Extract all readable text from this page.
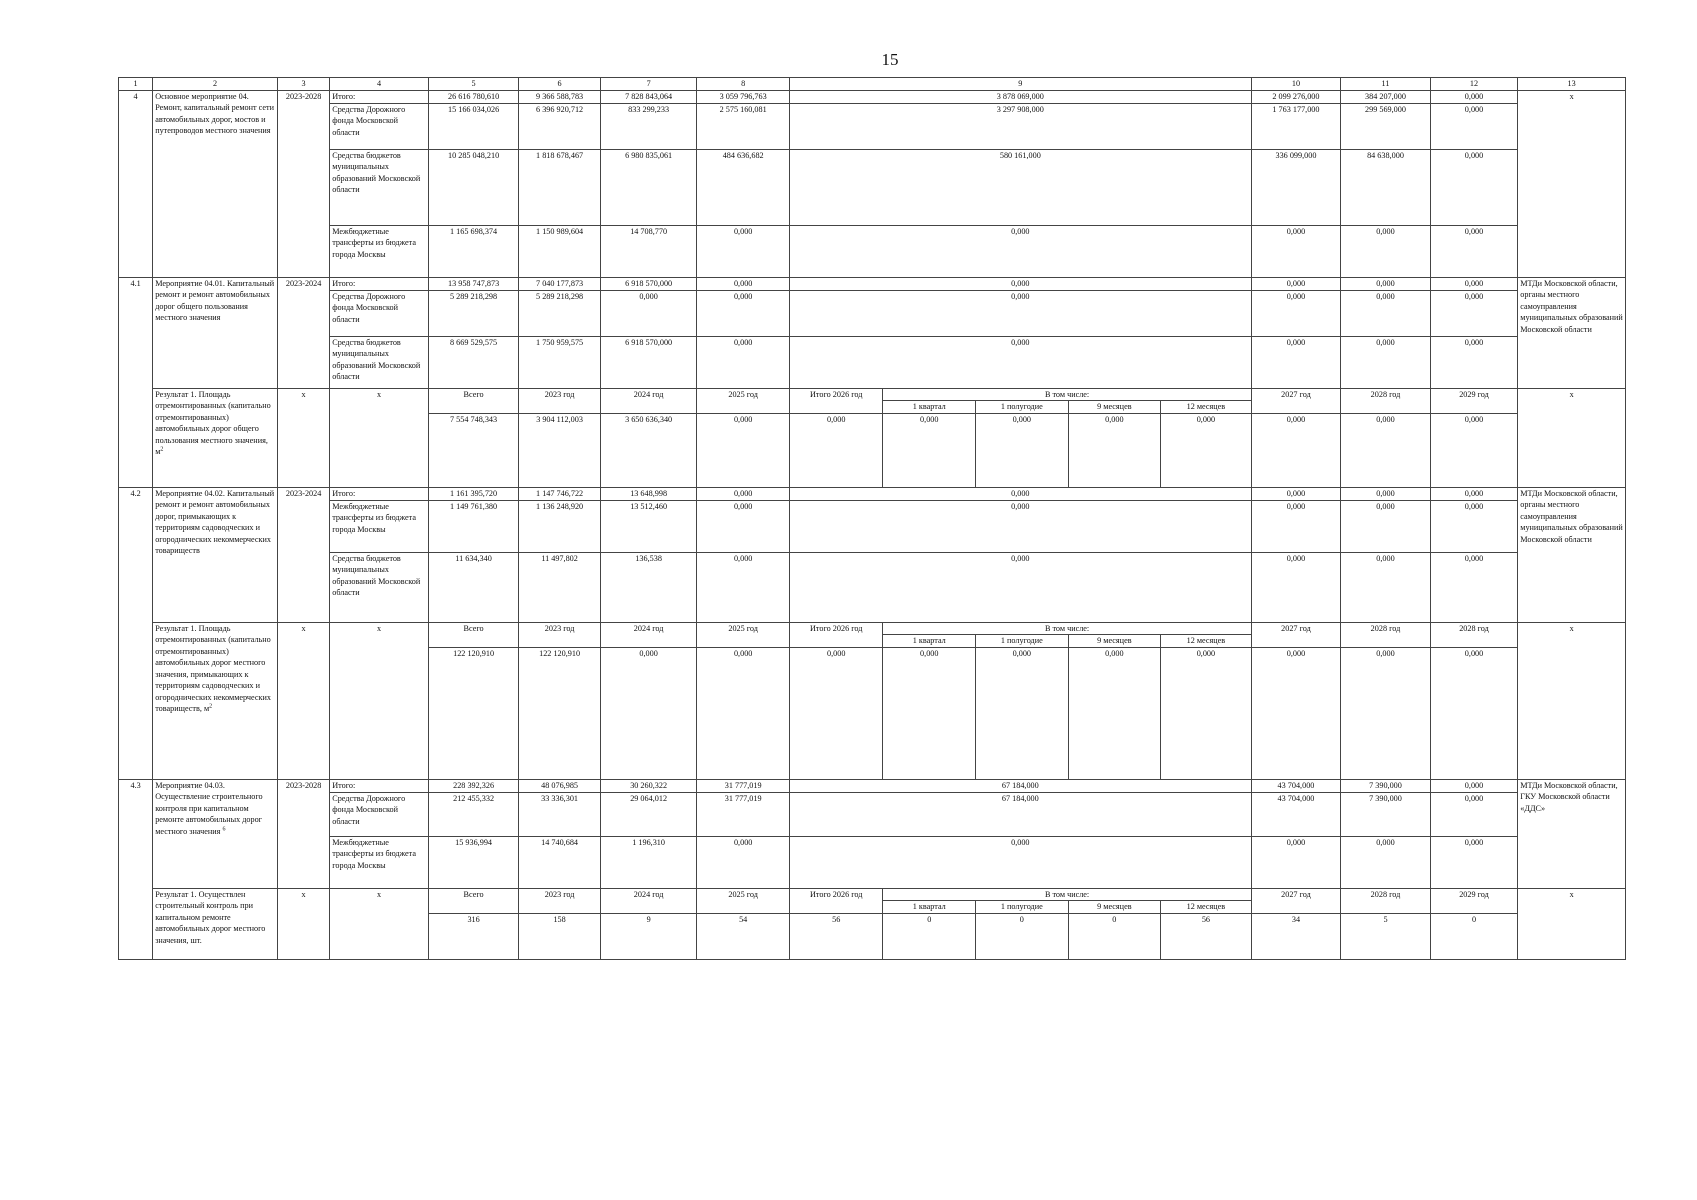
15
1	2	3	4	5	6	7	8	9					10	11	12	13
4	Основное мероприятие 04. Ремонт, капитальный ремонт сети автомобильных дорог, мостов и путепроводов местного значения	2023-2028	Итого:	26 616 780,610	9 366 588,783	7 828 843,064	3 059 796,763	3 878 069,000					2 099 276,000	384 207,000	0,000	х
			Средства Дорожного фонда Московской области	15 166 034,026	6 396 920,712	833 299,233	2 575 160,081	3 297 908,000					1 763 177,000	299 569,000	0,000	
			Средства бюджетов муниципальных образований Московской области	10 285 048,210	1 818 678,467	6 980 835,061	484 636,682	580 161,000					336 099,000	84 638,000	0,000	
			Межбюджетные трансферты из бюджета города Москвы	1 165 698,374	1 150 989,604	14 708,770	0,000	0,000					0,000	0,000	0,000	
4.1	Мероприятие 04.01. Капитальный ремонт и ремонт автомобильных дорог общего пользования местного значения	2023-2024	Итого:	13 958 747,873	7 040 177,873	6 918 570,000	0,000	0,000					0,000	0,000	0,000	МТДи Московской области, органы местного самоуправления муниципальных образований Московской области
			Средства Дорожного фонда Московской области	5 289 218,298	5 289 218,298	0,000	0,000	0,000					0,000	0,000	0,000	
			Средства бюджетов муниципальных образований Московской области	8 669 529,575	1 750 959,575	6 918 570,000	0,000	0,000					0,000	0,000	0,000	
	Результат 1. Площадь отремонтированных (капитально отремонтированных) автомобильных дорог общего пользования местного значения, $м^2$	х	х	Всего	2023 год	2024 год	2025 год	Итого 2026 год	В том числе:				2027 год	2028 год	2029 год	х
									1 квартал	1 полугодие	9 месяцев	12 месяцев				
				7 554 748,343	3 904 112,003	3 650 636,340	0,000	0,000	0,000	0,000	0,000	0,000	0,000	0,000	0,000	
4.2	Мероприятие 04.02. Капитальный ремонт и ремонт автомобильных дорог, примыкающих к территориям садоводческих и огороднических некоммерческих товариществ	2023-2024	Итого:	1 161 395,720	1 147 746,722	13 648,998	0,000	0,000					0,000	0,000	0,000	МТДи Московской области, органы местного самоуправления муниципальных образований Московской области
			Межбюджетные трансферты из бюджета города Москвы	1 149 761,380	1 136 248,920	13 512,460	0,000	0,000					0,000	0,000	0,000	
			Средства бюджетов муниципальных образований Московской области	11 634,340	11 497,802	136,538	0,000	0,000					0,000	0,000	0,000	
	Результат 1. Площадь отремонтированных (капитально отремонтированных) автомобильных дорог местного значения, примыкающих к территориям садоводческих и огороднических некоммерческих товариществ, $м^2$	х	х	Всего	2023 год	2024 год	2025 год	Итого 2026 год	В том числе:				2027 год	2028 год	2028 год	х
									1 квартал	1 полугодие	9 месяцев	12 месяцев				
				122 120,910	122 120,910	0,000	0,000	0,000	0,000	0,000	0,000	0,000	0,000	0,000	0,000	
4.3	Мероприятие 04.03. Осуществление строительного контроля при капитальном ремонте автомобильных дорог местного значения $^6$	2023-2028	Итого:	228 392,326	48 076,985	30 260,322	31 777,019	67 184,000					43 704,000	7 390,000	0,000	МТДи Московской области, ГКУ Московской области «ДДС»
			Средства Дорожного фонда Московской области	212 455,332	33 336,301	29 064,012	31 777,019	67 184,000					43 704,000	7 390,000	0,000	
			Межбюджетные трансферты из бюджета города Москвы	15 936,994	14 740,684	1 196,310	0,000	0,000					0,000	0,000	0,000	
	Результат 1. Осуществлен строительный контроль при капитальном ремонте автомобильных дорог местного значения, шт.	х	х	Всего	2023 год	2024 год	2025 год	Итого 2026 год	В том числе:				2027 год	2028 год	2029 год	х
									1 квартал	1 полугодие	9 месяцев	12 месяцев				
				316	158	9	54	56	0	0	0	56	34	5	0	
